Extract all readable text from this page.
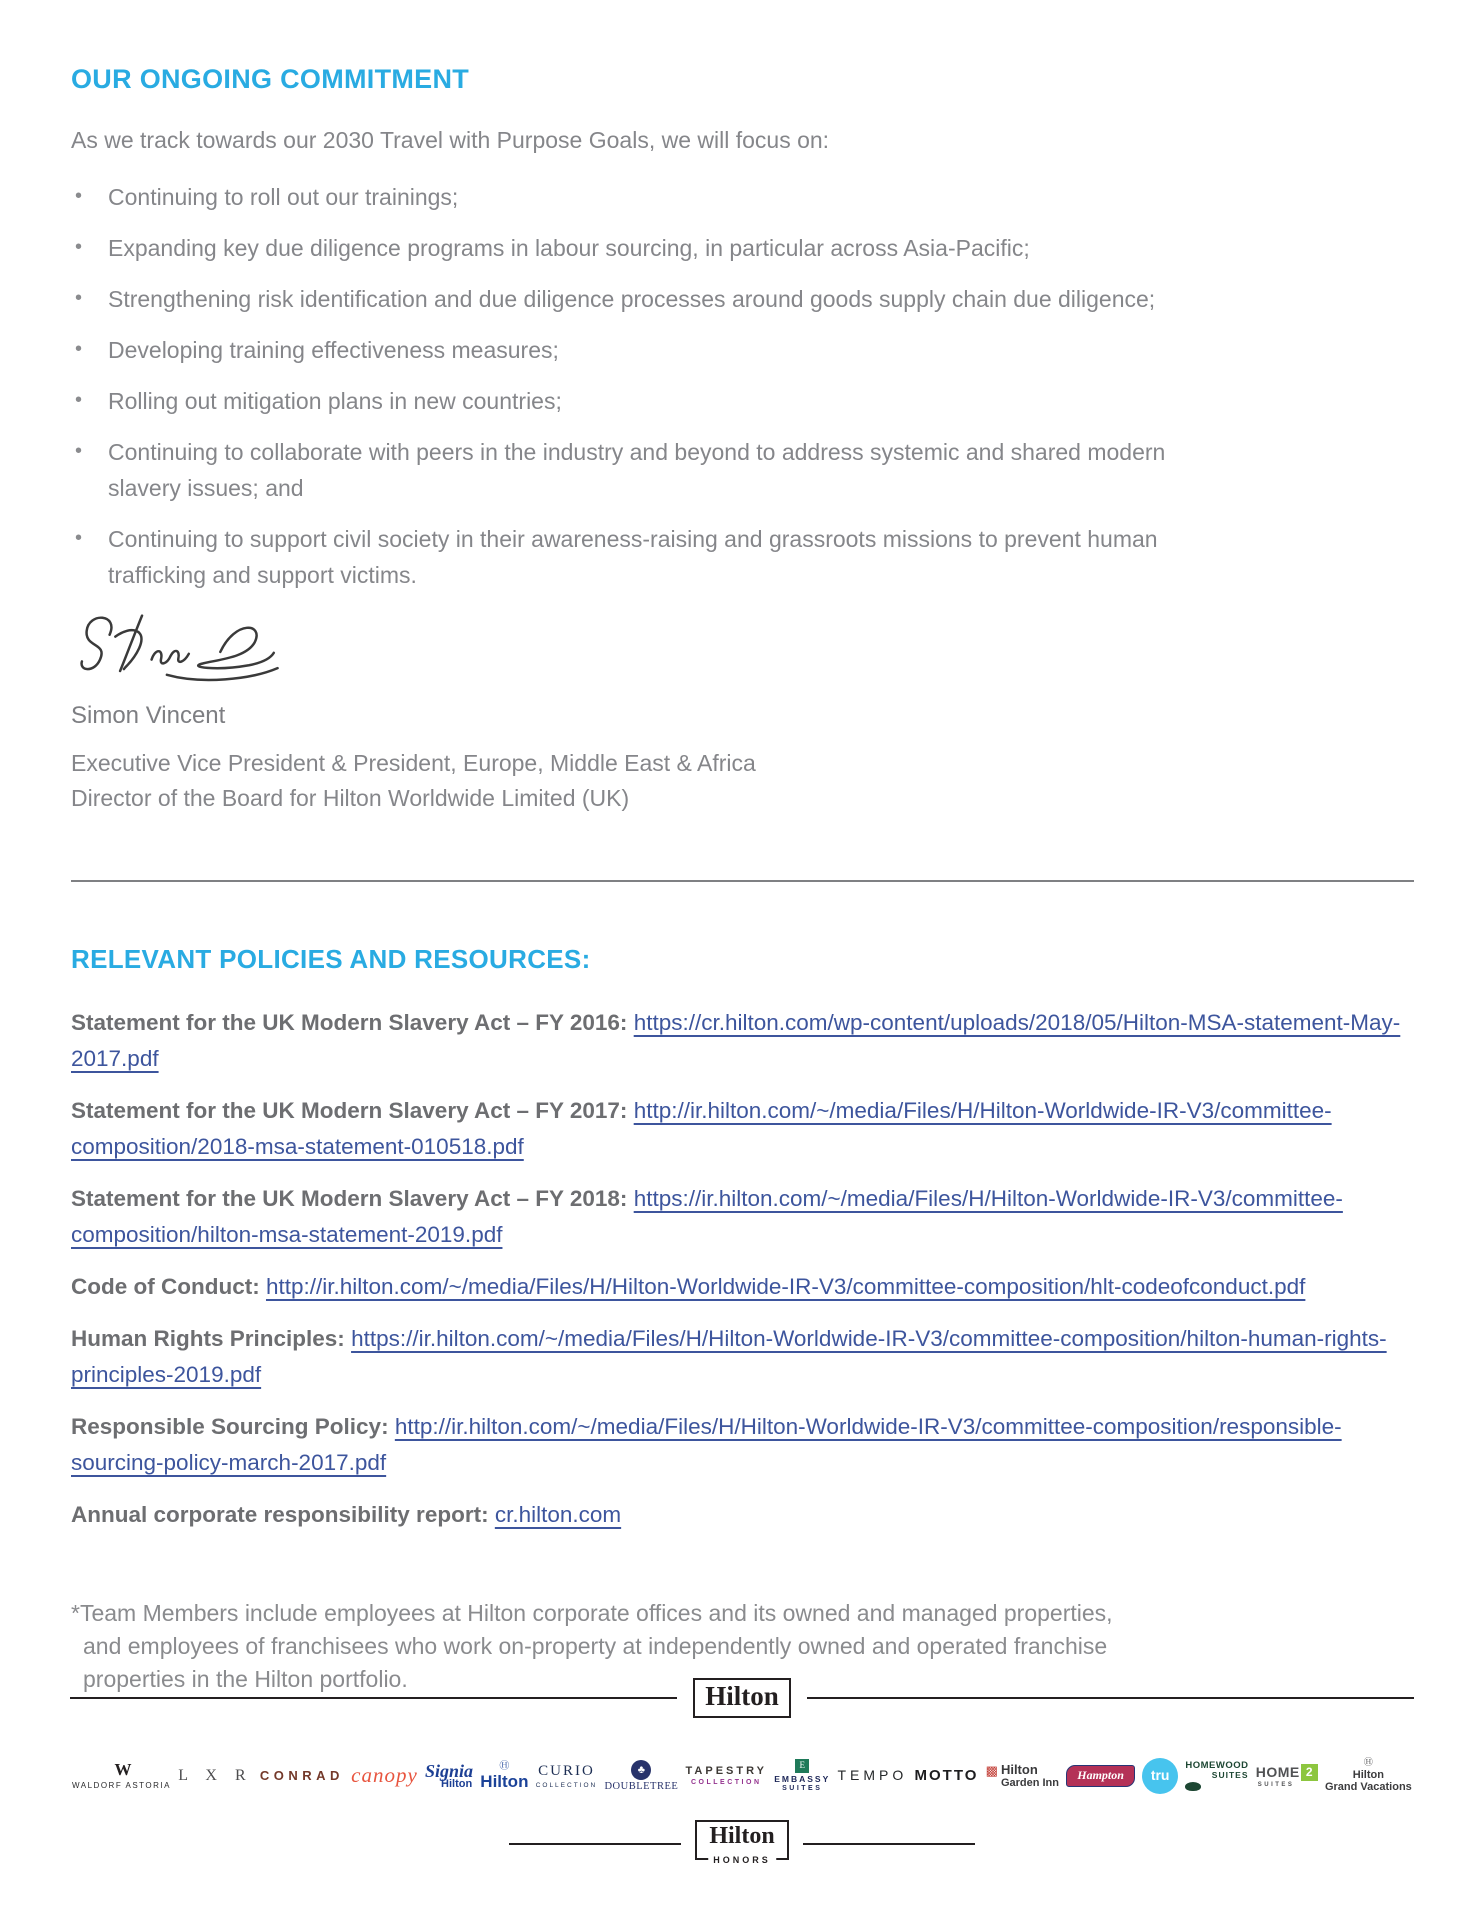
OUR ONGOING COMMITMENT

As we track towards our 2030 Travel with Purpose Goals, we will focus on:

• Continuing to roll out our trainings;
• Expanding key due diligence programs in labour sourcing, in particular across Asia-Pacific;
• Strengthening risk identification and due diligence processes around goods supply chain due diligence;
• Developing training effectiveness measures;
• Rolling out mitigation plans in new countries;
• Continuing to collaborate with peers in the industry and beyond to address systemic and shared modern slavery issues; and
• Continuing to support civil society in their awareness-raising and grassroots missions to prevent human trafficking and support victims.

Simon Vincent

Executive Vice President & President, Europe, Middle East & Africa
Director of the Board for Hilton Worldwide Limited (UK)

RELEVANT POLICIES AND RESOURCES:

Statement for the UK Modern Slavery Act – FY 2016: https://cr.hilton.com/wp-content/uploads/2018/05/Hilton-MSA-statement-May-2017.pdf

Statement for the UK Modern Slavery Act – FY 2017: http://ir.hilton.com/~/media/Files/H/Hilton-Worldwide-IR-V3/committee-composition/2018-msa-statement-010518.pdf

Statement for the UK Modern Slavery Act – FY 2018: https://ir.hilton.com/~/media/Files/H/Hilton-Worldwide-IR-V3/committee-composition/hilton-msa-statement-2019.pdf

Code of Conduct: http://ir.hilton.com/~/media/Files/H/Hilton-Worldwide-IR-V3/committee-composition/hlt-codeofconduct.pdf

Human Rights Principles: https://ir.hilton.com/~/media/Files/H/Hilton-Worldwide-IR-V3/committee-composition/hilton-human-rights-principles-2019.pdf

Responsible Sourcing Policy: http://ir.hilton.com/~/media/Files/H/Hilton-Worldwide-IR-V3/committee-composition/responsible-sourcing-policy-march-2017.pdf

Annual corporate responsibility report: cr.hilton.com

*Team Members include employees at Hilton corporate offices and its owned and managed properties, and employees of franchisees who work on-property at independently owned and operated franchise properties in the Hilton portfolio.

Hilton
W
WALDORF ASTORIA
L X R CONRAD canopy Signia
Hilton
Ⓗ
Hilton
CURIO
COLLECTION
♣
DOUBLETREE
TAPESTRY
COLLECTION
E
EMBASSY
SUITES
TEMPO MOTTO ▩ Hilton
Garden Inn
Hampton	tru
HOMEWOOD
SUITES HOME 2
SUITES
Ⓗ
Hilton
Grand Vacations
Hilton
HONORS
